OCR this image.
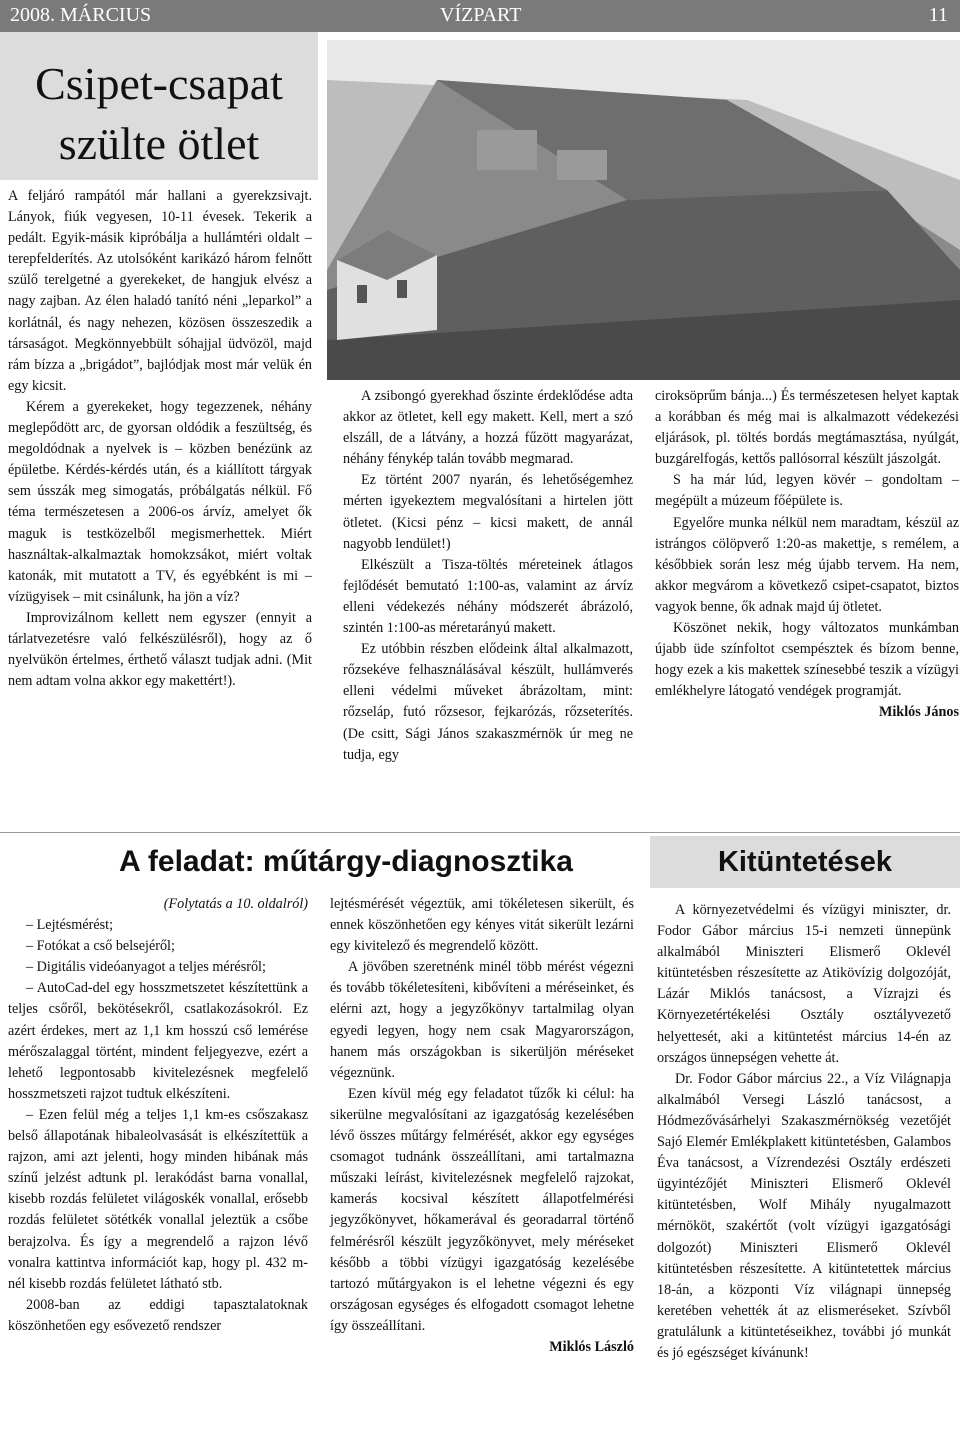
2008. MÁRCIUS	VÍZPART	11
Csipet-csapat
szülte ötlet

A feljáró rampától már hallani a gyerekzsivajt. Lányok, fiúk vegyesen, 10-11 évesek. Tekerik a pedált. Egyik-másik kipróbálja a hullámtéri oldalt – terepfelderítés. Az utolsóként karikázó három felnőtt szülő terelgetné a gyerekeket, de hangjuk elvész a nagy zajban. Az élen haladó tanító néni „leparkol” a korlátnál, és nagy nehezen, közösen összeszedik a társaságot. Megkönnyebbült sóhajjal üdvözöl, majd rám bízza a „brigádot”, bajlódjak most már velük én egy kicsit.

Kérem a gyerekeket, hogy tegezzenek, néhány meglepődött arc, de gyorsan oldódik a feszültség, és megoldódnak a nyelvek is – közben benézünk az épületbe. Kérdés-kérdés után, és a kiállított tárgyak sem ússzák meg simogatás, próbálgatás nélkül. Fő téma természetesen a 2006-os árvíz, amelyet ők maguk is testközelből megismerhettek. Miért használtak-alkalmaztak homokzsákot, miért voltak katonák, mit mutatott a TV, és egyébként is mi – vízügyisek – mit csinálunk, ha jön a víz?

Improvizálnom kellett nem egyszer (ennyit a tárlatvezetésre való felkészülésről), hogy az ő nyelvükön értelmes, érthető választ tudjak adni. (Mit nem adtam volna akkor egy makettért!).

A zsibongó gyerekhad őszinte érdeklődése adta akkor az ötletet, kell egy makett. Kell, mert a szó elszáll, de a látvány, a hozzá fűzött magyarázat, néhány fénykép talán tovább megmarad.

Ez történt 2007 nyarán, és lehetőségemhez mérten igyekeztem megvalósítani a hirtelen jött ötletet. (Kicsi pénz – kicsi makett, de annál nagyobb lendület!)

Elkészült a Tisza-töltés méreteinek átlagos fejlődését bemutató 1:100-as, valamint az árvíz elleni védekezés néhány módszerét ábrázoló, szintén 1:100-as méretarányú makett.

Ez utóbbin részben elődeink által alkalmazott, rőzsekéve felhasználásával készült, hullámverés elleni védelmi műveket ábrázoltam, mint: rőzseláp, futó rőzsesor, fejkarózás, rőzseterítés. (De csitt, Sági János szakaszmérnök úr meg ne tudja, egy

ciroksöprűm bánja...) És természetesen helyet kaptak a korábban és még mai is alkalmazott védekezési eljárások, pl. töltés bordás megtámasztása, nyúlgát, buzgárelfogás, kettős pallósorral készült jászolgát.

S ha már lúd, legyen kövér – gondoltam – megépült a múzeum főépülete is.

Egyelőre munka nélkül nem maradtam, készül az istrángos cölöpverő 1:20-as makettje, s remélem, a későbbiek során lesz még újabb tervem. Ha nem, akkor megvárom a következő csipet-csapatot, biztos vagyok benne, ők adnak majd új ötletet.

Köszönet nekik, hogy változatos munkámban újabb üde színfoltot csempésztek és bízom benne, hogy ezek a kis makettek színesebbé teszik a vízügyi emlékhelyre látogató vendégek programját.

Miklós János
A feladat: műtárgy-diagnosztika	Kitüntetések
(Folytatás a 10. oldalról)

– Lejtésmérést;

– Fotókat a cső belsejéről;

– Digitális videóanyagot a teljes mérésről;

– AutoCad-del egy hosszmetszetet készítettünk a teljes csőről, bekötésekről, csatlakozásokról. Ez azért érdekes, mert az 1,1 km hosszú cső lemérése mérőszalaggal történt, mindent feljegyezve, ezért a lehető legpontosabb kivitelezésnek megfelelő hosszmetszeti rajzot tudtuk elkészíteni.

– Ezen felül még a teljes 1,1 km-es csőszakasz belső állapotának hibaleolvasását is elkészítettük a rajzon, ami azt jelenti, hogy minden hibának más színű jelzést adtunk pl. lerakódást barna vonallal, kisebb rozdás felületet világoskék vonallal, erősebb rozdás felületet sötétkék vonallal jeleztük a csőbe berajzolva. És így a megrendelő a rajzon lévő vonalra kattintva információt kap, hogy pl. 432 m-nél kisebb rozdás felületet látható stb.

2008-ban az eddigi tapasztalatoknak köszönhetően egy esővezető rendszer

lejtésmérését végeztük, ami tökéletesen sikerült, és ennek köszönhetően egy kényes vitát sikerült lezárni egy kivitelező és megrendelő között.

A jövőben szeretnénk minél több mérést végezni és tovább tökéletesíteni, kibővíteni a méréseinket, és elérni azt, hogy a jegyzőkönyv tartalmilag olyan egyedi legyen, hogy nem csak Magyarországon, hanem más országokban is sikerüljön méréseket végeznünk.

Ezen kívül még egy feladatot tűzők ki célul: ha sikerülne megvalósítani az igazgatóság kezelésében lévő összes műtárgy felmérését, akkor egy egységes csomagot tudnánk összeállítani, ami tartalmazna műszaki leírást, kivitelezésnek megfelelő rajzokat, kamerás kocsival készített állapotfelmérési jegyzőkönyvet, hőkamerával és georadarral történő felmérésről készült jegyzőkönyvet, mely méréseket később a többi vízügyi igazgatóság kezelésébe tartozó műtárgyakon is el lehetne végezni és egy országosan egységes és elfogadott csomagot lehetne így összeállítani.

Miklós László

A környezetvédelmi és vízügyi miniszter, dr. Fodor Gábor március 15-i nemzeti ünnepünk alkalmából Miniszteri Elismerő Oklevél kitüntetésben részesítette az Atikövízig dolgozóját, Lázár Miklós tanácsost, a Vízrajzi és Környezetértékelési Osztály osztályvezető helyettesét, aki a kitüntetést március 14-én az országos ünnepségen vehette át.

Dr. Fodor Gábor március 22., a Víz Világnapja alkalmából Versegi László tanácsost, a Hódmezővásárhelyi Szakaszmérnökség vezetőjét Sajó Elemér Emlékplakett kitüntetésben, Galambos Éva tanácsost, a Vízrendezési Osztály erdészeti ügyintézőjét Miniszteri Elismerő Oklevél kitüntetésben, Wolf Mihály nyugalmazott mérnököt, szakértőt (volt vízügyi igazgatósági dolgozót) Miniszteri Elismerő Oklevél kitüntetésben részesítette. A kitüntetettek március 18-án, a központi Víz világnapi ünnepség keretében vehették át az elismeréseket. Szívből gratulálunk a kitüntetéseikhez, további jó munkát és jó egészséget kívánunk!
